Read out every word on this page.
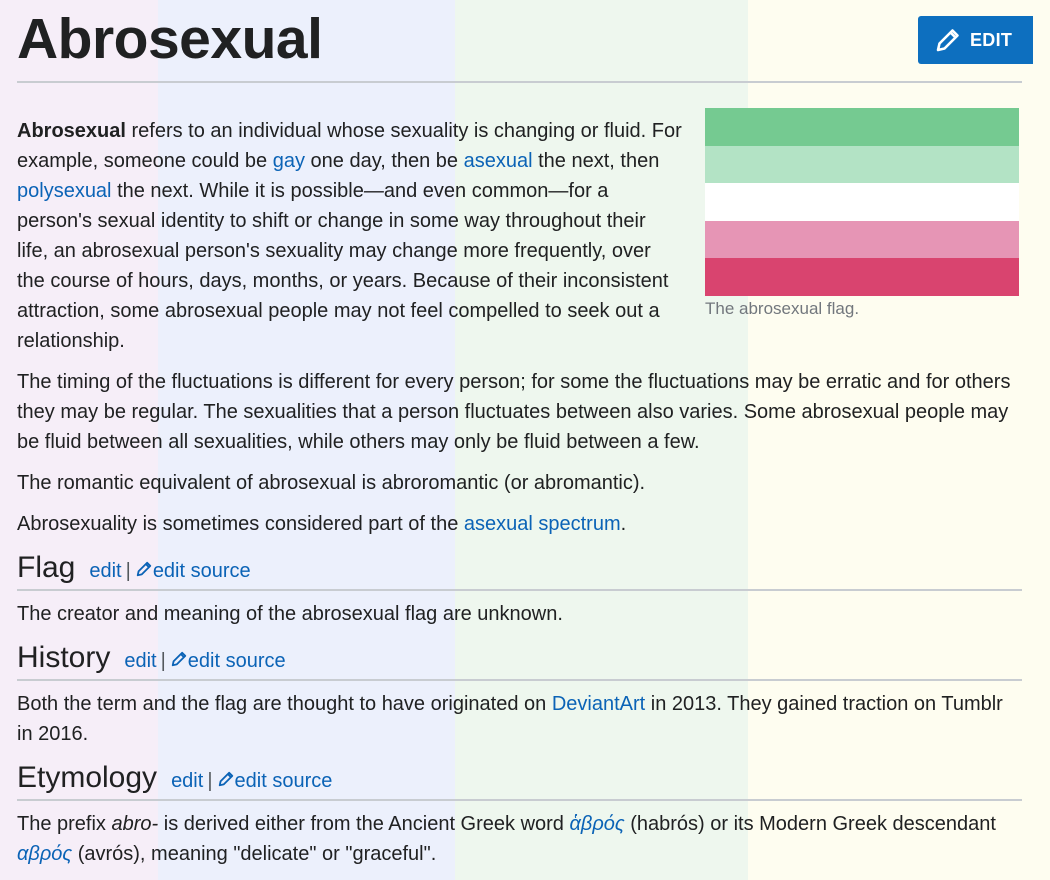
Abrosexual
The abrosexual flag.

Abrosexual refers to an individual whose sexuality is changing or fluid. For example, someone could be gay one day, then be asexual the next, then polysexual the next. While it is possible—and even common—for a person's sexual identity to shift or change in some way throughout their life, an abrosexual person's sexuality may change more frequently, over the course of hours, days, months, or years. Because of their inconsistent attraction, some abrosexual people may not feel compelled to seek out a relationship.

The timing of the fluctuations is different for every person; for some the fluctuations may be erratic and for others they may be regular. The sexualities that a person fluctuates between also varies. Some abrosexual people may be fluid between all sexualities, while others may only be fluid between a few.

The romantic equivalent of abrosexual is abroromantic (or abromantic).

Abrosexuality is sometimes considered part of the asexual spectrum.

Flag edit | edit source

The creator and meaning of the abrosexual flag are unknown.

History edit | edit source

Both the term and the flag are thought to have originated on DeviantArt in 2013. They gained traction on Tumblr in 2016.

Etymology edit | edit source

The prefix abro- is derived either from the Ancient Greek word ἁβρός (habrós) or its Modern Greek descendant αβρός (avrós), meaning "delicate" or "graceful".

EDIT
